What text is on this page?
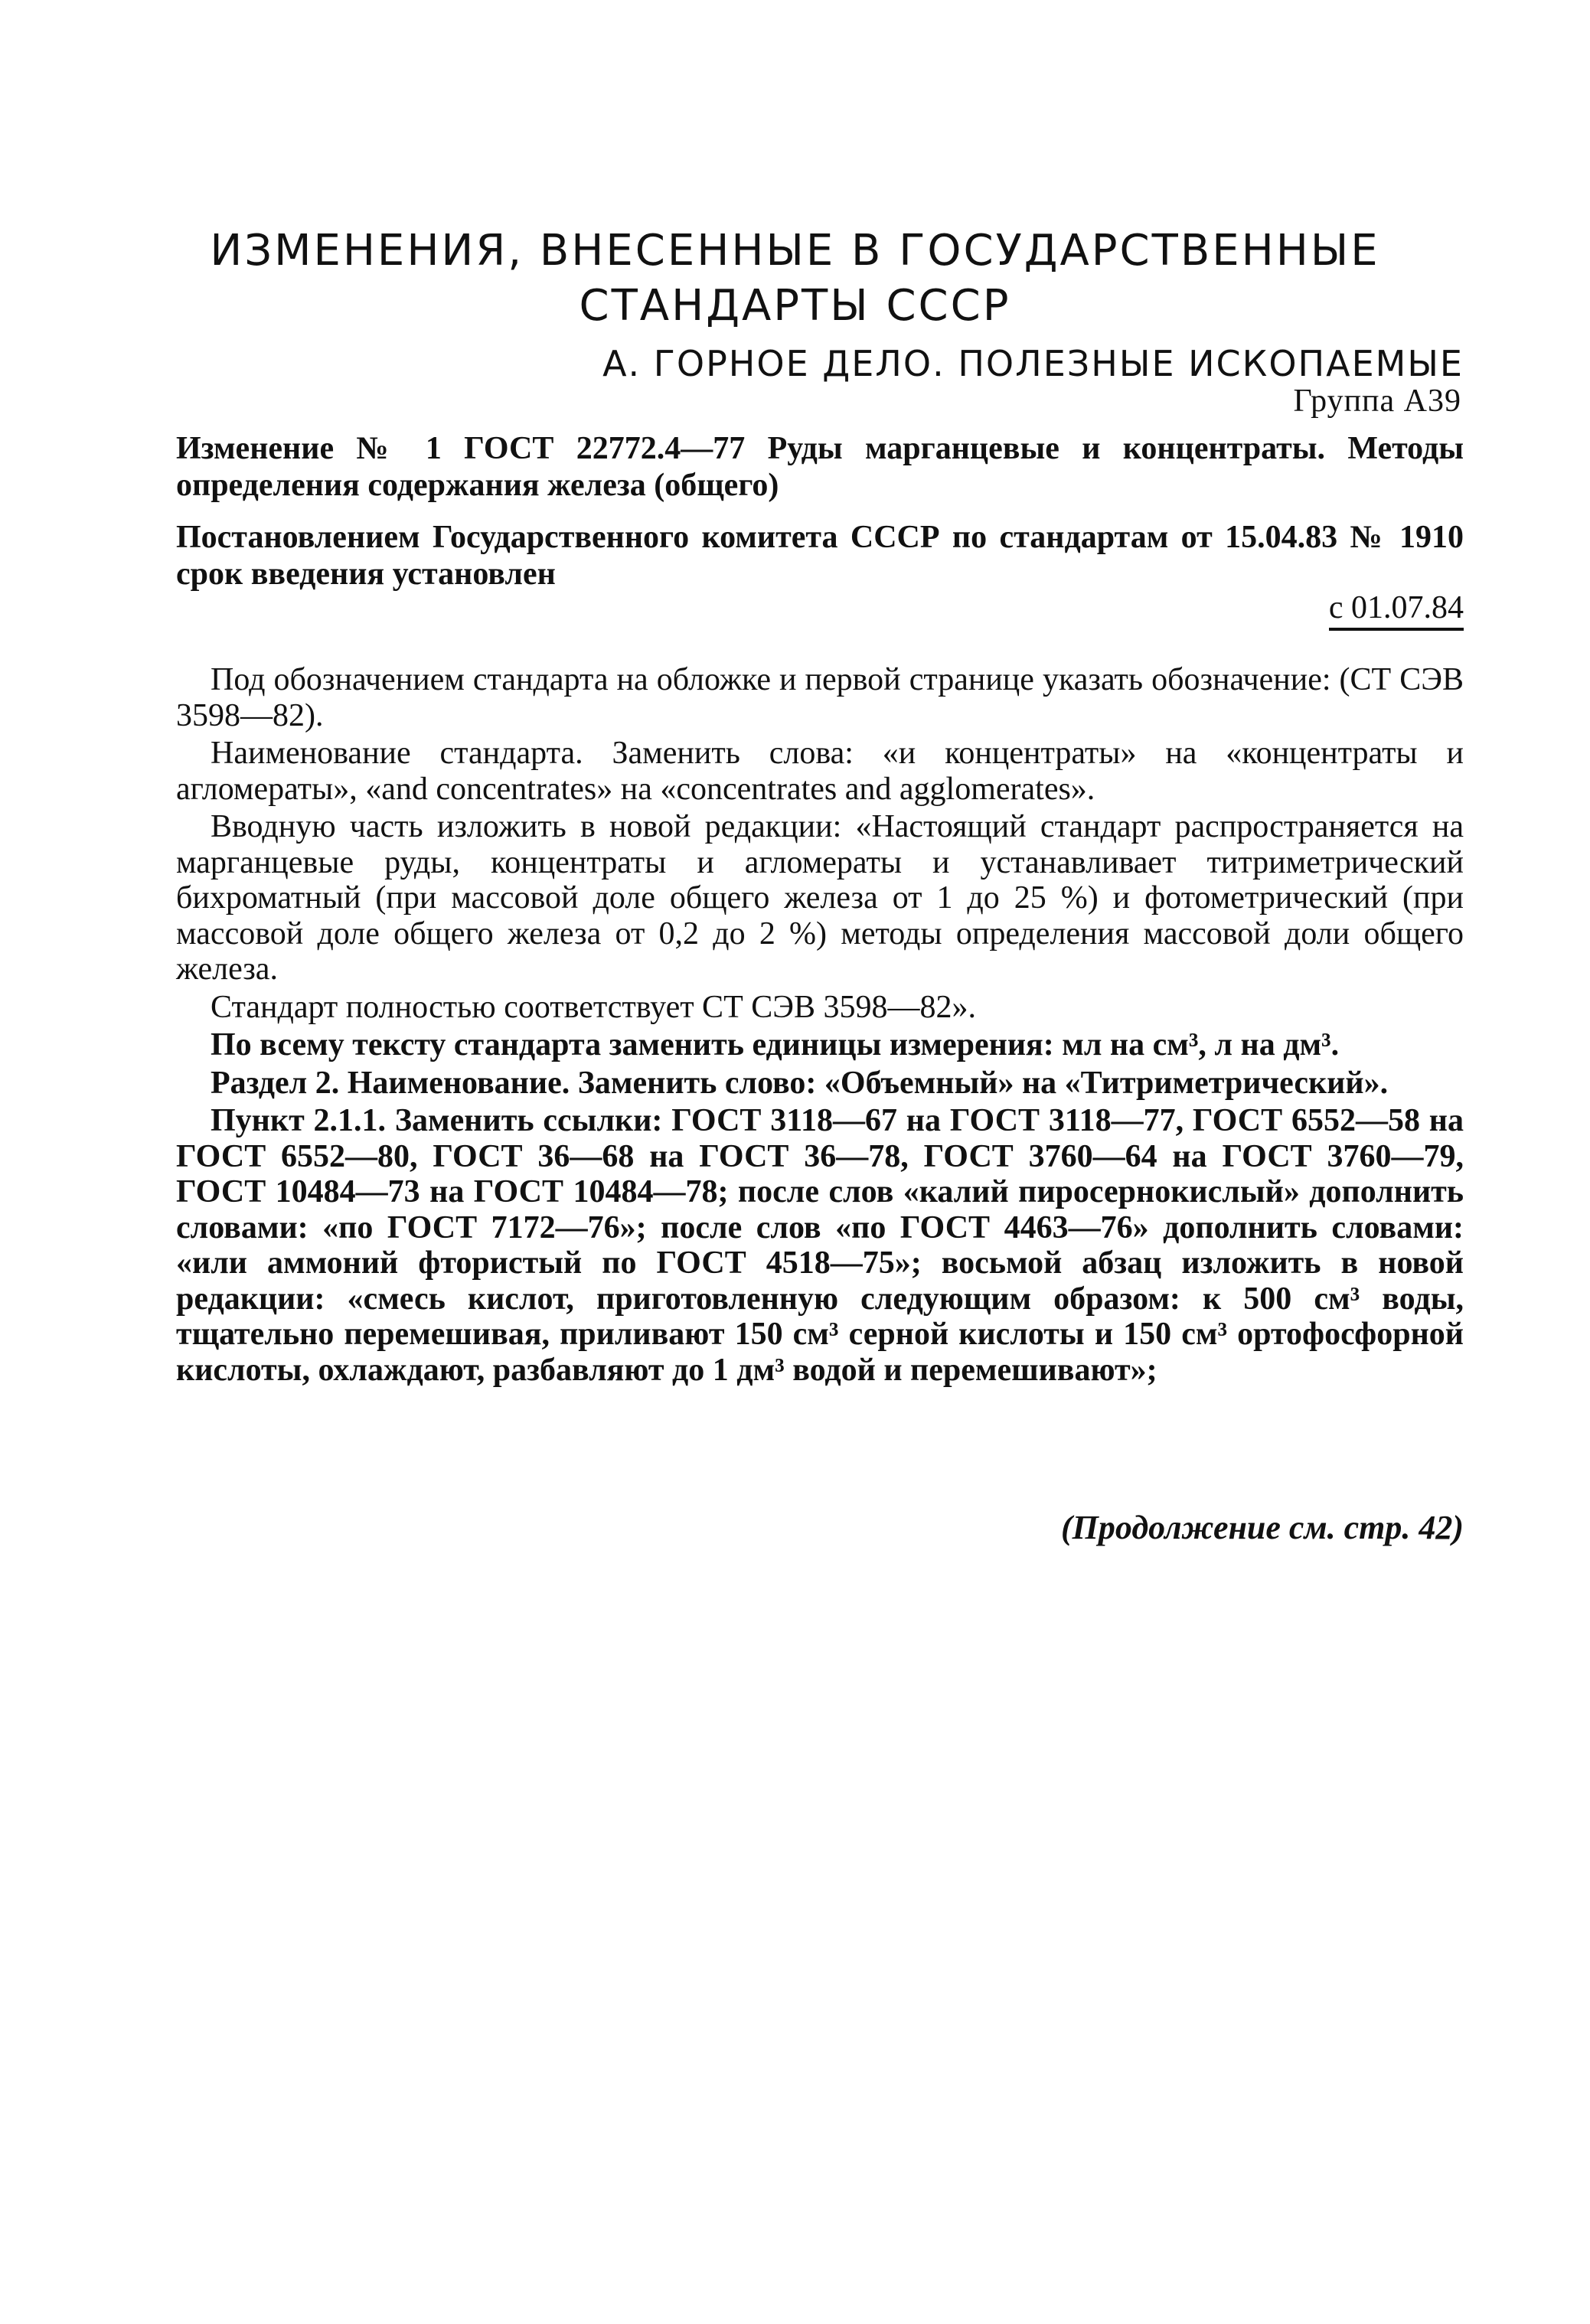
ИЗМЕНЕНИЯ, ВНЕСЕННЫЕ В ГОСУДАРСТВЕННЫЕ
СТАНДАРТЫ СССР
А. ГОРНОЕ ДЕЛО. ПОЛЕЗНЫЕ ИСКОПАЕМЫЕ
Группа А39
Изменение № 1 ГОСТ 22772.4—77 Руды марганцевые и концентраты. Методы определения содержания железа (общего)
Постановлением Государственного комитета СССР по стандартам от 15.04.83 № 1910 срок введения установлен
с 01.07.84

Под обозначением стандарта на обложке и первой странице указать обозначение: (СТ СЭВ 3598—82).

Наименование стандарта. Заменить слова: «и концентраты» на «концентраты и агломераты», «and concentrates» на «concentrates and agglomerates».

Вводную часть изложить в новой редакции: «Настоящий стандарт распространяется на марганцевые руды, концентраты и агломераты и устанавливает титриметрический бихроматный (при массовой доле общего железа от 1 до 25 %) и фотометрический (при массовой доле общего железа от 0,2 до 2 %) методы определения массовой доли общего железа.

Стандарт полностью соответствует СТ СЭВ 3598—82».

По всему тексту стандарта заменить единицы измерения: мл на см³, л на дм³.

Раздел 2. Наименование. Заменить слово: «Объемный» на «Титриметрический».

Пункт 2.1.1. Заменить ссылки: ГОСТ 3118—67 на ГОСТ 3118—77, ГОСТ 6552—58 на ГОСТ 6552—80, ГОСТ 36—68 на ГОСТ 36—78, ГОСТ 3760—64 на ГОСТ 3760—79, ГОСТ 10484—73 на ГОСТ 10484—78; после слов «калий пиросернокислый» дополнить словами: «по ГОСТ 7172—76»; после слов «по ГОСТ 4463—76» дополнить словами: «или аммоний фтористый по ГОСТ 4518—75»; восьмой абзац изложить в новой редакции: «смесь кислот, приготовленную следующим образом: к 500 см³ воды, тщательно перемешивая, приливают 150 см³ серной кислоты и 150 см³ ортофосфорной кислоты, охлаждают, разбавляют до 1 дм³ водой и перемешивают»;

(Продолжение см. стр. 42)
